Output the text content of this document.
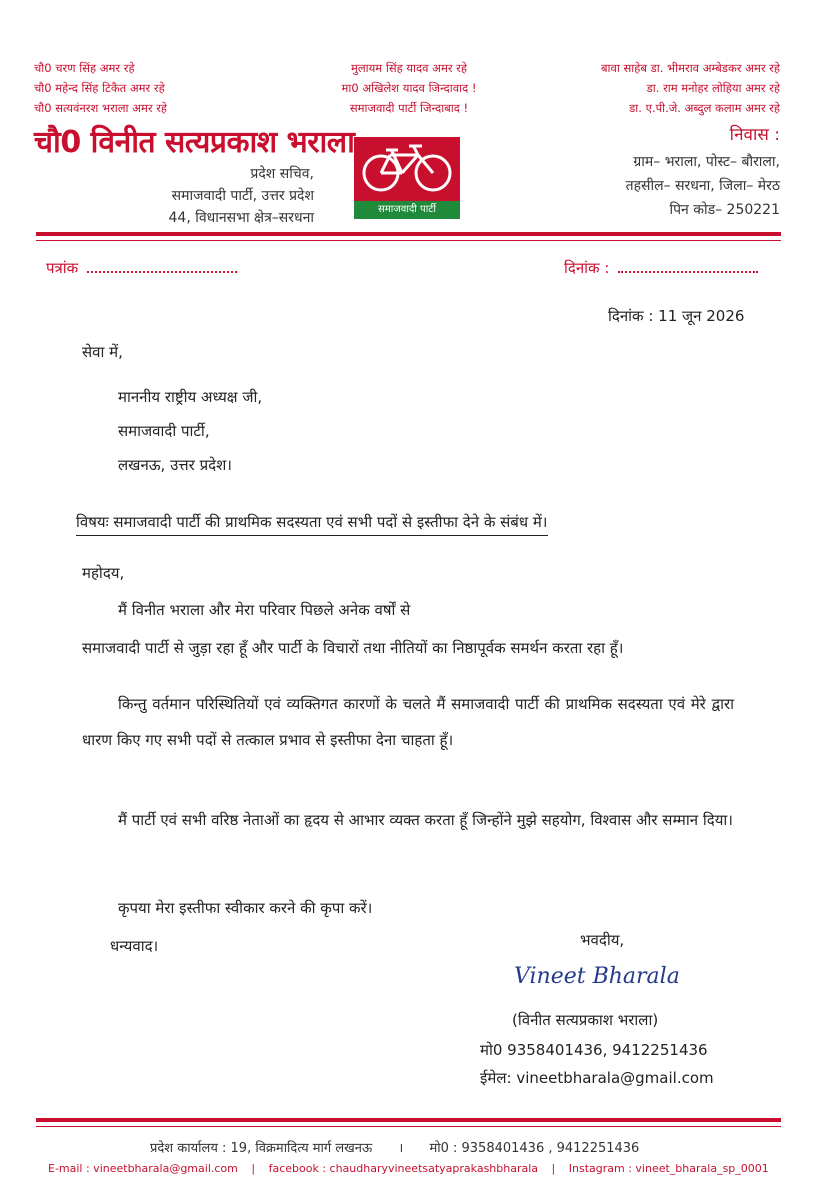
चौ0 चरण सिंह अमर रहे
चौ0 महेन्द सिंह टिकैत अमर रहे
चौ0 सत्यवंनरश भराला अमर रहे
मुलायम सिंह यादव अमर रहे
मा0 अखिलेश यादव जिन्दावाद !
समाजवादी पार्टी जिन्दाबाद !
बावा साहेब डा. भीमराव अम्बेडकर अमर रहे
डा. राम मनोहर लोहिया अमर रहे
डा. ए.पी.जे. अब्दुल कलाम अमर रहे
चौ0 विनीत सत्यप्रकाश भराला
प्रदेश सचिव,
समाजवादी पार्टी, उत्तर प्रदेश
44, विधानसभा क्षेत्र–सरधना
समाजवादी पार्टी
निवास :
ग्राम– भराला, पोस्ट– बौराला,
तहसील– सरधना, जिला– मेरठ
पिन कोड– 250221
पत्रांक	दिनांक :
दिनांक : 11 जून 2026
सेवा में,
माननीय राष्ट्रीय अध्यक्ष जी,
समाजवादी पार्टी,
लखनऊ, उत्तर प्रदेश।
विषयः समाजवादी पार्टी की प्राथमिक सदस्यता एवं सभी पदों से इस्तीफा देने के संबंध में।
महोदय,
मैं विनीत भराला और मेरा परिवार पिछले अनेक वर्षों से
समाजवादी पार्टी से जुड़ा रहा हूँ और पार्टी के विचारों तथा नीतियों का निष्ठापूर्वक समर्थन करता रहा हूँ।
किन्तु वर्तमान परिस्थितियों एवं व्यक्तिगत कारणों के चलते मैं समाजवादी पार्टी की प्राथमिक सदस्यता एवं मेरे द्वारा धारण किए गए सभी पदों से तत्काल प्रभाव से इस्तीफा देना चाहता हूँ।
मैं पार्टी एवं सभी वरिष्ठ नेताओं का हृदय से आभार व्यक्त करता हूँ जिन्होंने मुझे सहयोग, विश्वास और सम्मान दिया।
कृपया मेरा इस्तीफा स्वीकार करने की कृपा करें।
धन्यवाद।	भवदीय,
Vineet Bharala
(विनीत सत्यप्रकाश भराला)
मो0 9358401436, 9412251436
ईमेल: vineetbharala@gmail.com
प्रदेश कार्यालय : 19, विक्रमादित्य मार्ग लखनऊ । मो0 : 9358401436 , 9412251436
E-mail : vineetbharala@gmail.com | facebook : chaudharyvineetsatyaprakashbharala | Instagram : vineet_bharala_sp_0001
